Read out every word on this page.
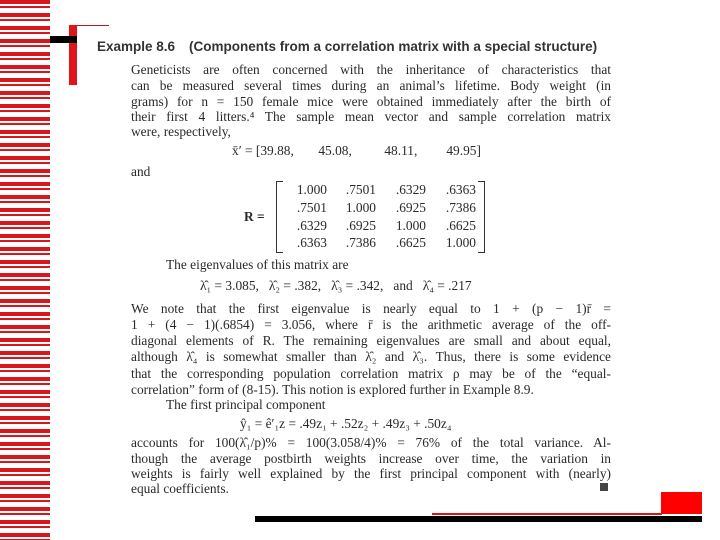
Example 8.6 (Components from a correlation matrix with a special structure)
Geneticists are often concerned with the inheritance of characteristics that
can be measured several times during an animal’s lifetime. Body weight (in
grams) for n = 150 female mice were obtained immediately after the birth of
their first 4 litters.⁴ The sample mean vector and sample correlation matrix
were, respectively,
x̄′ = [39.88, 45.08, 48.11, 49.95]
and
R =
1.000	.7501	.6329	.6363
.7501	1.000	.6925	.7386
.6329	.6925	1.000	.6625
.6363	.7386	.6625	1.000
The eigenvalues of this matrix are
λ̂₁ = 3.085,   λ̂₂ = .382,   λ̂₃ = .342,   and   λ̂₄ = .217
We note that the first eigenvalue is nearly equal to 1 + (p − 1)r̄ =
1 + (4 − 1)(.6854) = 3.056, where r̄ is the arithmetic average of the off-
diagonal elements of R. The remaining eigenvalues are small and about equal,
although λ̂₄ is somewhat smaller than λ̂₂ and λ̂₃. Thus, there is some evidence
that the corresponding population correlation matrix ρ may be of the “equal-
correlation” form of (8-15). This notion is explored further in Example 8.9.
The first principal component
ŷ₁ = ê′₁z = .49z₁ + .52z₂ + .49z₃ + .50z₄
accounts for 100(λ̂₁/p)% = 100(3.058/4)% = 76% of the total variance. Al-
though the average postbirth weights increase over time, the variation in
weights is fairly well explained by the first principal component with (nearly)
equal coefficients.
